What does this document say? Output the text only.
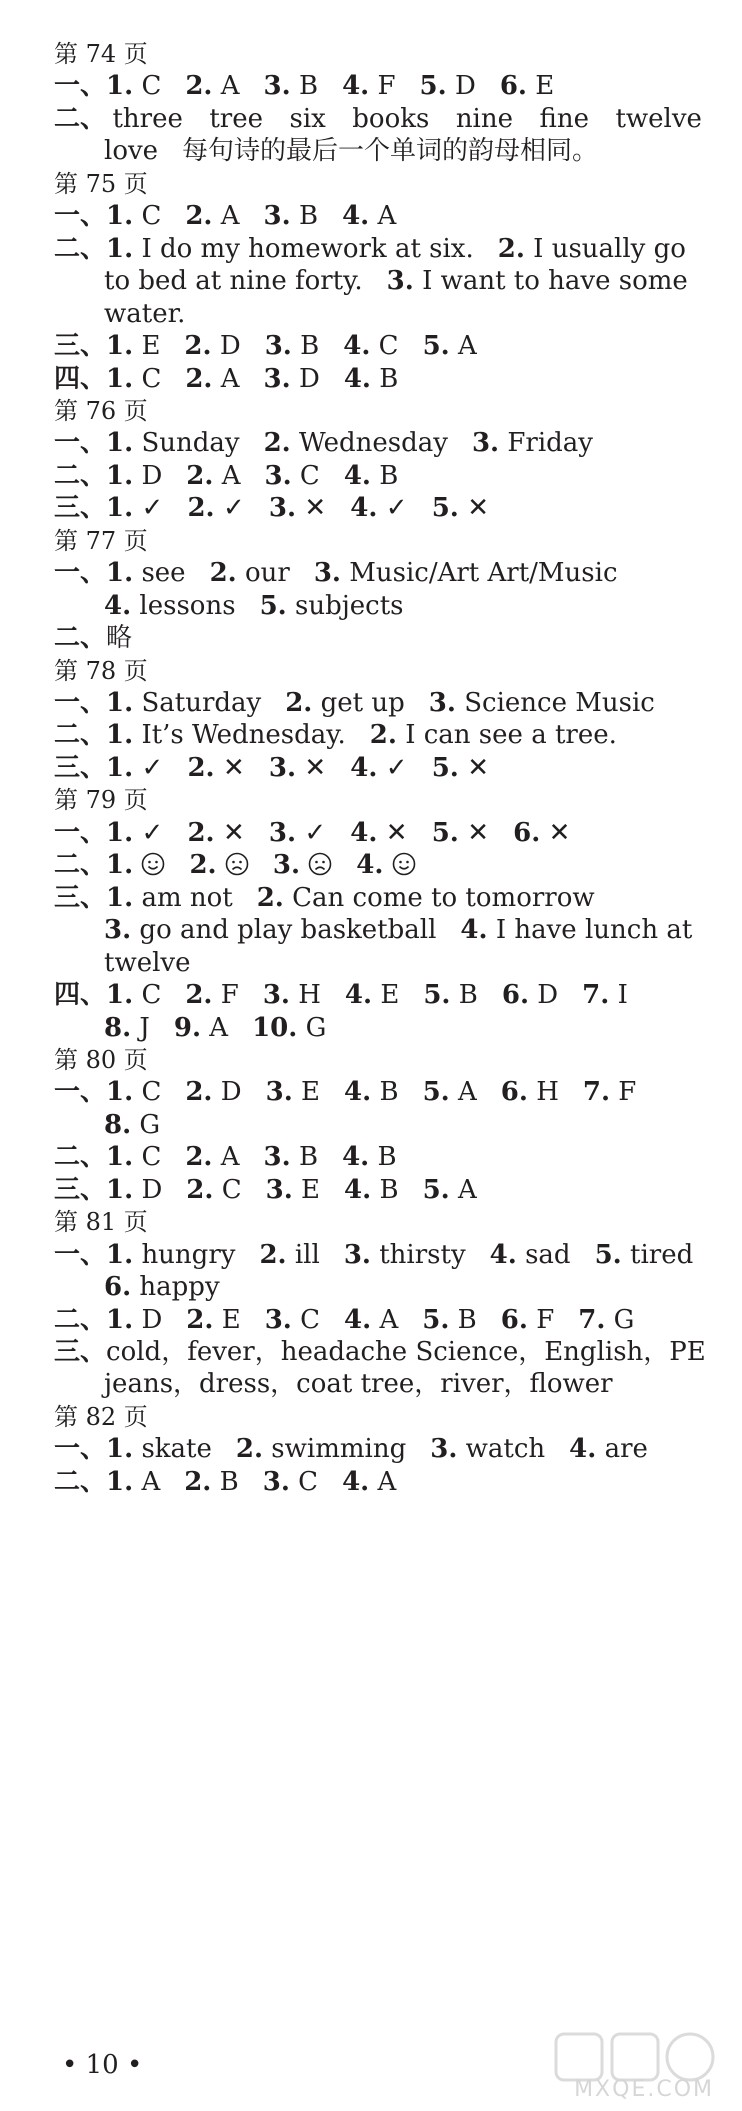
第 74 页
一、1. C 2. A 3. B 4. F 5. D 6. E
二、 three tree six books nine fine twelve
love 每句诗的最后一个单词的韵母相同。
第 75 页
一、1. C 2. A 3. B 4. A
二、1. I do my homework at six. 2. I usually go
to bed at nine forty. 3. I want to have some
water.
三、1. E 2. D 3. B 4. C 5. A
四、1. C 2. A 3. D 4. B
第 76 页
一、1. Sunday 2. Wednesday 3. Friday
二、1. D 2. A 3. C 4. B
三、1. ✓ 2. ✓ 3. ✕ 4. ✓ 5. ✕
第 77 页
一、1. see 2. our 3. Music/Art Art/Music
4. lessons 5. subjects
二、略
第 78 页
一、1. Saturday 2. get up 3. Science Music
二、1. It’s Wednesday. 2. I can see a tree.
三、1. ✓ 2. ✕ 3. ✕ 4. ✓ 5. ✕
第 79 页
一、1. ✓ 2. ✕ 3. ✓ 4. ✕ 5. ✕ 6. ✕
二、1. 2. 3. 4.
三、1. am not 2. Can come to tomorrow
3. go and play basketball 4. I have lunch at
twelve
四、1. C 2. F 3. H 4. E 5. B 6. D 7. I
8. J 9. A 10. G
第 80 页
一、1. C 2. D 3. E 4. B 5. A 6. H 7. F
8. G
二、1. C 2. A 3. B 4. B
三、1. D 2. C 3. E 4. B 5. A
第 81 页
一、1. hungry 2. ill 3. thirsty 4. sad 5. tired
6. happy
二、1. D 2. E 3. C 4. A 5. B 6. F 7. G
三、cold，fever，headache Science，English，PE
jeans，dress，coat tree，river，flower
第 82 页
一、1. skate 2. swimming 3. watch 4. are
二、1. A 2. B 3. C 4. A
• 10 •
MXQE.COM
